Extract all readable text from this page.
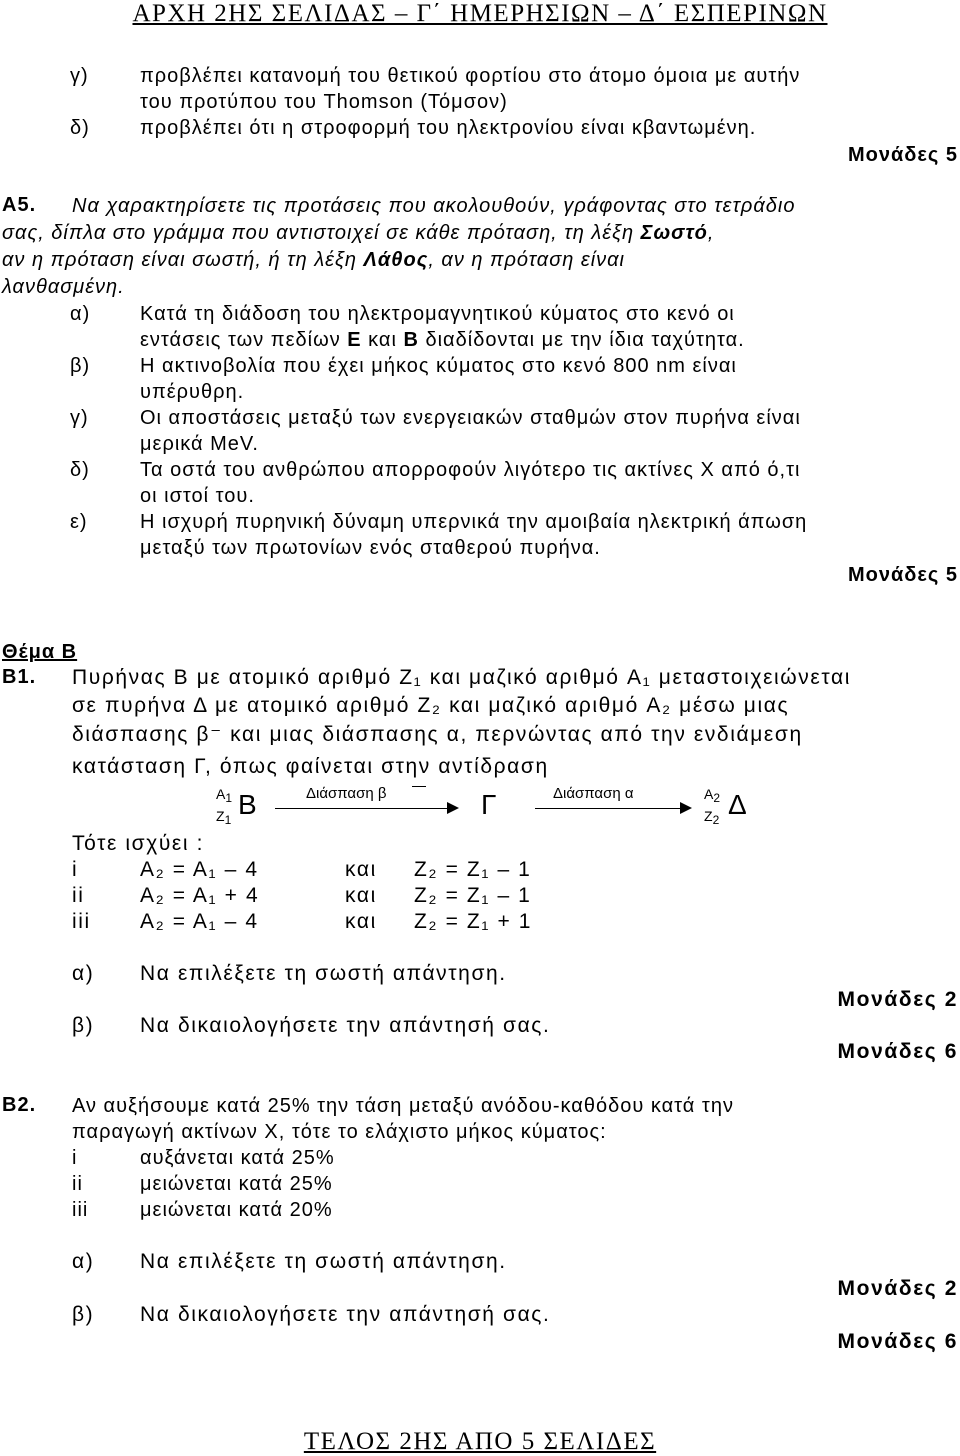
ΑΡΧΗ 2ΗΣ ΣΕΛΙΔΑΣ – Γ΄ ΗΜΕΡΗΣΙΩΝ – Δ΄ ΕΣΠΕΡΙΝΩΝ
γ)	προβλέπει κατανομή του θετικού φορτίου στο άτομο όμοια με αυτήν
του προτύπου του Thomson (Τόμσον)
δ)	προβλέπει ότι η στροφορμή του ηλεκτρονίου είναι κβαντωμένη.
Μονάδες 5
Α5. Να χαρακτηρίσετε τις προτάσεις που ακολουθούν, γράφοντας στο τετράδιο
σας, δίπλα στο γράμμα που αντιστοιχεί σε κάθε πρόταση, τη λέξη Σωστό,
αν η πρόταση είναι σωστή, ή τη λέξη Λάθος, αν η πρόταση είναι
λανθασμένη.
α) Κατά τη διάδοση του ηλεκτρομαγνητικού κύματος στο κενό οι
εντάσεις των πεδίων Ε και Β διαδίδονται με την ίδια ταχύτητα.
β) Η ακτινοβολία που έχει μήκος κύματος στο κενό 800 nm είναι
υπέρυθρη.
γ)	Οι αποστάσεις μεταξύ των ενεργειακών σταθμών στον πυρήνα είναι
μερικά MeV.
δ)	Τα οστά του ανθρώπου απορροφούν λιγότερο τις ακτίνες Χ από ό,τι
οι ιστοί του.
ε)	Η ισχυρή πυρηνική δύναμη υπερνικά την αμοιβαία ηλεκτρική άπωση
μεταξύ των πρωτονίων ενός σταθερού πυρήνα.
Μονάδες 5
Θέμα Β
Β1. Πυρήνας Β με ατομικό αριθμό Z₁ και μαζικό αριθμό A₁ μεταστοιχειώνεται
σε πυρήνα Δ με ατομικό αριθμό Z₂ και μαζικό αριθμό A₂ μέσω μιας
διάσπασης β⁻ και μιας διάσπασης α, περνώντας από την ενδιάμεση
κατάσταση Γ, όπως φαίνεται στην αντίδραση
$A_1$
$Z_1$ Β	Διάσπαση β	Γ	Διάσπαση α	$A_2$
$Z_2$ Δ
Τότε ισχύει :
i	A₂ = A₁ – 4	και Z₂ = Z₁ – 1
ii	A₂ = A₁ + 4	και Z₂ = Z₁ – 1
iii A₂ = A₁ – 4	και Z₂ = Z₁ + 1
α) Να επιλέξετε τη σωστή απάντηση.
Μονάδες 2
β) Να δικαιολογήσετε την απάντησή σας.
Μονάδες 6
Β2. Αν αυξήσουμε κατά 25% την τάση μεταξύ ανόδου-καθόδου κατά την
παραγωγή ακτίνων Χ, τότε το ελάχιστο μήκος κύματος:
i	αυξάνεται κατά 25%
ii	μειώνεται κατά 25%
iii	μειώνεται κατά 20%
α) Να επιλέξετε τη σωστή απάντηση.
Μονάδες 2
β) Να δικαιολογήσετε την απάντησή σας.
Μονάδες 6
ΤΕΛΟΣ 2ΗΣ ΑΠΟ 5 ΣΕΛΙΔΕΣ
